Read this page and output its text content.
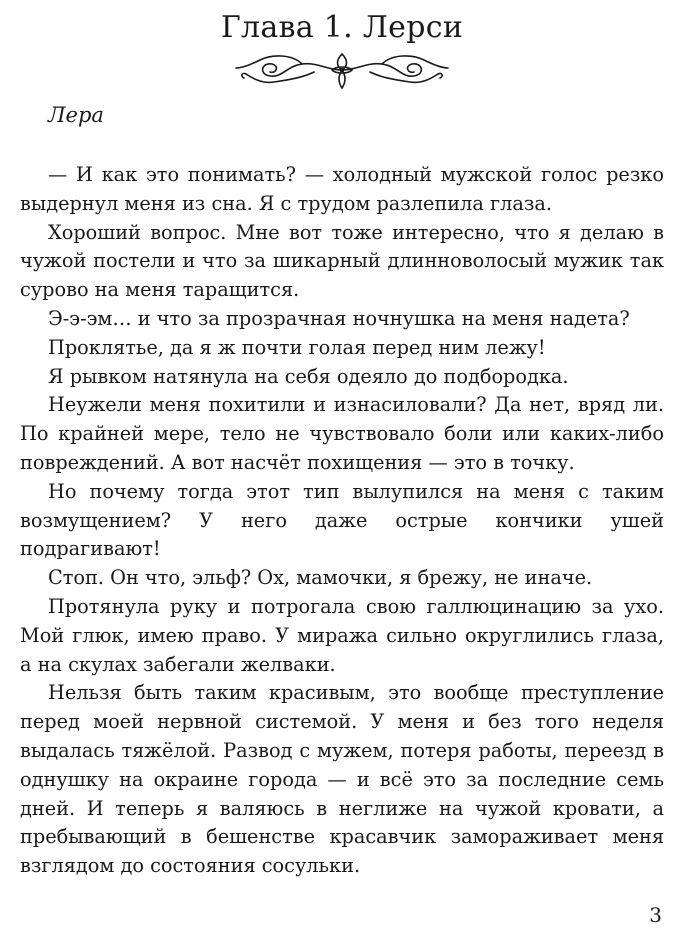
Глава 1. Лерси
Лера

— И как это понимать? — холодный мужской голос резко выдернул меня из сна. Я с трудом разлепила глаза.

Хороший вопрос. Мне вот тоже интересно, что я делаю в чужой постели и что за шикарный длинноволосый мужик так сурово на меня таращится.

Э-э-эм… и что за прозрачная ночнушка на меня надета?

Проклятье, да я ж почти голая перед ним лежу!

Я рывком натянула на себя одеяло до подбородка.

Неужели меня похитили и изнасиловали? Да нет, вряд ли. По крайней мере, тело не чувствовало боли или каких-либо повреждений. А вот насчёт похищения — это в точку.

Но почему тогда этот тип вылупился на меня с таким возмущением? У него даже острые кончики ушей подрагивают!

Стоп. Он что, эльф? Ох, мамочки, я брежу, не иначе.

Протянула руку и потрогала свою галлюцинацию за ухо. Мой глюк, имею право. У миража сильно округлились глаза, а на скулах забегали желваки.

Нельзя быть таким красивым, это вообще преступление перед моей нервной системой. У меня и без того неделя выдалась тяжёлой. Развод с мужем, потеря работы, переезд в однушку на окраине города — и всё это за последние семь дней. И теперь я валяюсь в неглиже на чужой кровати, а пребывающий в бешенстве красавчик замораживает меня взглядом до состояния сосульки.

3
